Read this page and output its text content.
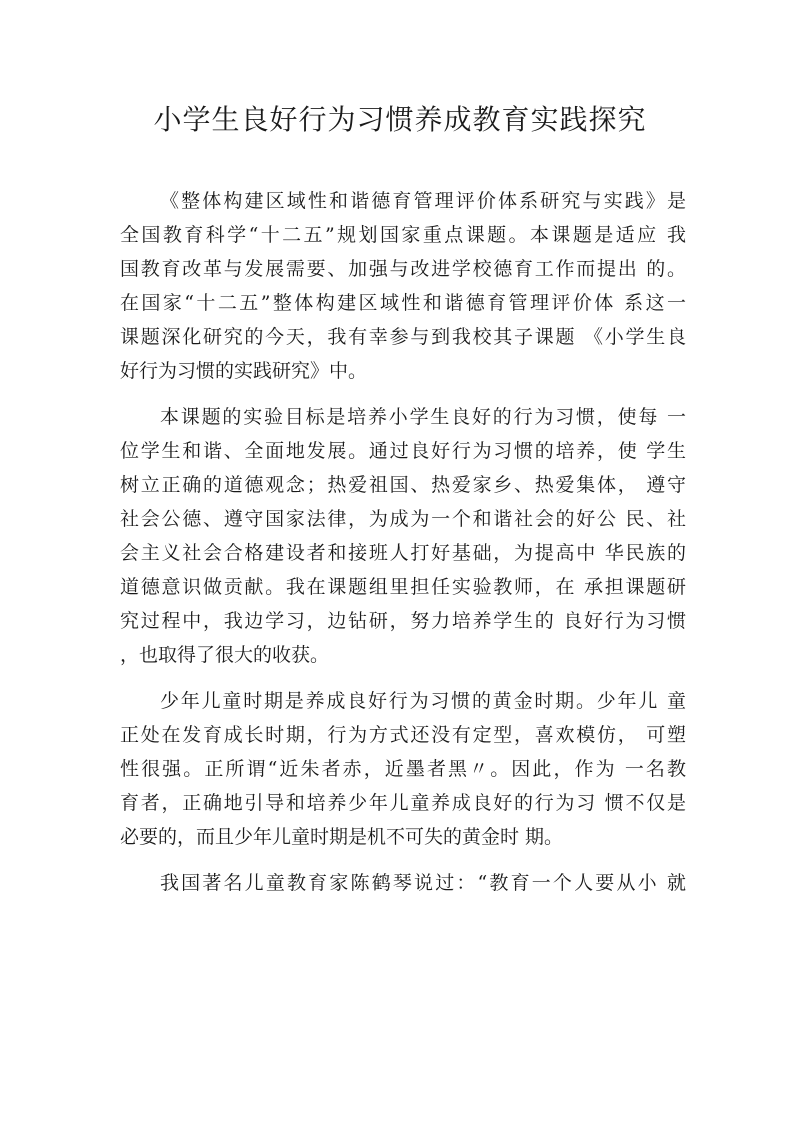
小学生良好行为习惯养成教育实践探究
《整体构建区域性和谐德育管理评价体系研究与实践》是
全国教育科学“十二五”规划国家重点课题。本课题是适应 我
国教育改革与发展需要、加强与改进学校德育工作而提出 的。
在国家“十二五”整体构建区域性和谐德育管理评价体 系这一
课题深化研究的今天，我有幸参与到我校其子课题 《小学生良
好行为习惯的实践研究》中。
本课题的实验目标是培养小学生良好的行为习惯，使每 一
位学生和谐、全面地发展。通过良好行为习惯的培养，使 学生
树立正确的道德观念；热爱祖国、热爱家乡、热爱集体， 遵守
社会公德、遵守国家法律，为成为一个和谐社会的好公 民、社
会主义社会合格建设者和接班人打好基础，为提高中 华民族的
道德意识做贡献。我在课题组里担任实验教师，在 承担课题研
究过程中，我边学习，边钻研，努力培养学生的 良好行为习惯
，也取得了很大的收获。
少年儿童时期是养成良好行为习惯的黄金时期。少年儿 童
正处在发育成长时期，行为方式还没有定型，喜欢模仿， 可塑
性很强。正所谓“近朱者赤，近墨者黑〃。因此，作为 一名教
育者，正确地引导和培养少年儿童养成良好的行为习 惯不仅是
必要的，而且少年儿童时期是机不可失的黄金时 期。
我国著名儿童教育家陈鹤琴说过：“教育一个人要从小 就
